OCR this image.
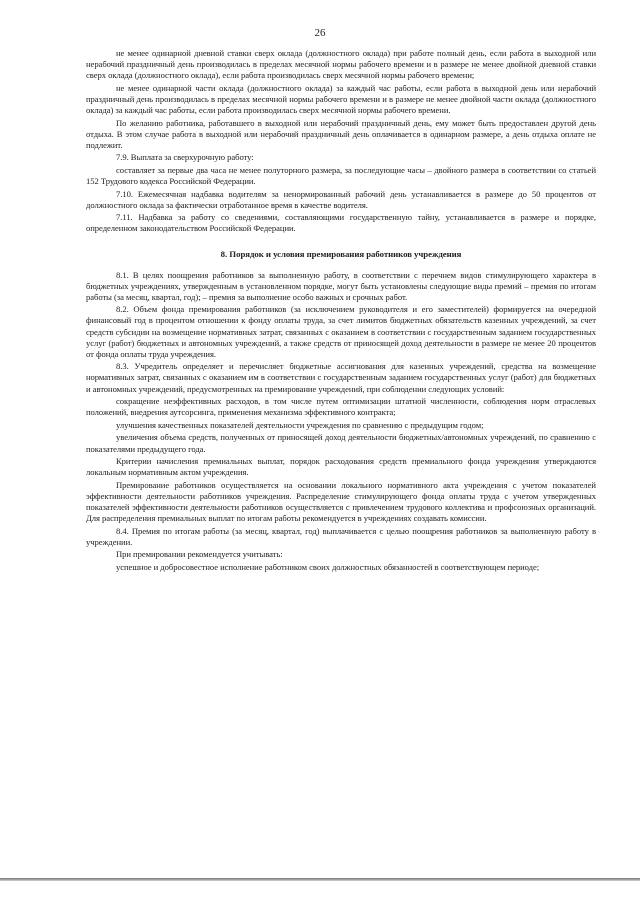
26

не менее одинарной дневной ставки сверх оклада (должностного оклада) при работе полный день, если работа в выходной или нерабочий праздничный день производилась в пределах месячной нормы рабочего времени и в размере не менее двойной дневной ставки сверх оклада (должностного оклада), если работа производилась сверх месячной нормы рабочего времени;

не менее одинарной части оклада (должностного оклада) за каждый час работы, если работа в выходной день или нерабочий праздничный день производилась в пределах месячной нормы рабочего времени и в размере не менее двойной части оклада (должностного оклада) за каждый час работы, если работа производилась сверх месячной нормы рабочего времени.

По желанию работника, работавшего в выходной или нерабочий праздничный день, ему может быть предоставлен другой день отдыха. В этом случае работа в выходной или нерабочий праздничный день оплачивается в одинарном размере, а день отдыха оплате не подлежит.

7.9. Выплата за сверхурочную работу:

составляет за первые два часа не менее полуторного размера, за последующие часы – двойного размера в соответствии со статьей 152 Трудового кодекса Российской Федерации.

7.10. Ежемесячная надбавка водителям за ненормированный рабочий день устанавливается в размере до 50 процентов от должностного оклада за фактически отработанное время в качестве водителя.

7.11. Надбавка за работу со сведениями, составляющими государственную тайну, устанавливается в размере и порядке, определенном законодательством Российской Федерации.

8. Порядок и условия премирования работников учреждения

8.1. В целях поощрения работников за выполненную работу, в соответствии с перечнем видов стимулирующего характера в бюджетных учреждениях, утвержденным в установленном порядке, могут быть установлены следующие виды премий – премия по итогам работы (за месяц, квартал, год); – премия за выполнение особо важных и срочных работ.

8.2. Объем фонда премирования работников (за исключением руководителя и его заместителей) формируется на очередной финансовый год в процентом отношении к фонду оплаты труда, за счет лимитов бюджетных обязательств казенных учреждений, за счет средств субсидии на возмещение нормативных затрат, связанных с оказанием в соответствии с государственным заданием государственных услуг (работ) бюджетных и автономных учреждений, а также средств от приносящей доход деятельности в размере не менее 20 процентов от фонда оплаты труда учреждения.

8.3. Учредитель определяет и перечисляет бюджетные ассигнования для казенных учреждений, средства на возмещение нормативных затрат, связанных с оказанием им в соответствии с государственным заданием государственных услуг (работ) для бюджетных и автономных учреждений, предусмотренных на премирование учреждений, при соблюдении следующих условий:

сокращение неэффективных расходов, в том числе путем оптимизации штатной численности, соблюдения норм отраслевых положений, внедрения аутсорсинга, применения механизма эффективного контракта;

улучшения качественных показателей деятельности учреждения по сравнению с предыдущим годом;

увеличения объема средств, полученных от приносящей доход деятельности бюджетных/автономных учреждений, по сравнению с показателями предыдущего года.

Критерии начисления премиальных выплат, порядок расходования средств премиального фонда учреждения утверждаются локальным нормативным актом учреждения.

Премирование работников осуществляется на основании локального нормативного акта учреждения с учетом показателей эффективности деятельности работников учреждения. Распределение стимулирующего фонда оплаты труда с учетом утвержденных показателей эффективности деятельности работников осуществляется с привлечением трудового коллектива и профсоюзных организаций. Для распределения премиальных выплат по итогам работы рекомендуется в учреждениях создавать комиссии.

8.4. Премия по итогам работы (за месяц, квартал, год) выплачивается с целью поощрения работников за выполненную работу в учреждении.

При премировании рекомендуется учитывать:

успешное и добросовестное исполнение работником своих должностных обязанностей в соответствующем периоде;
